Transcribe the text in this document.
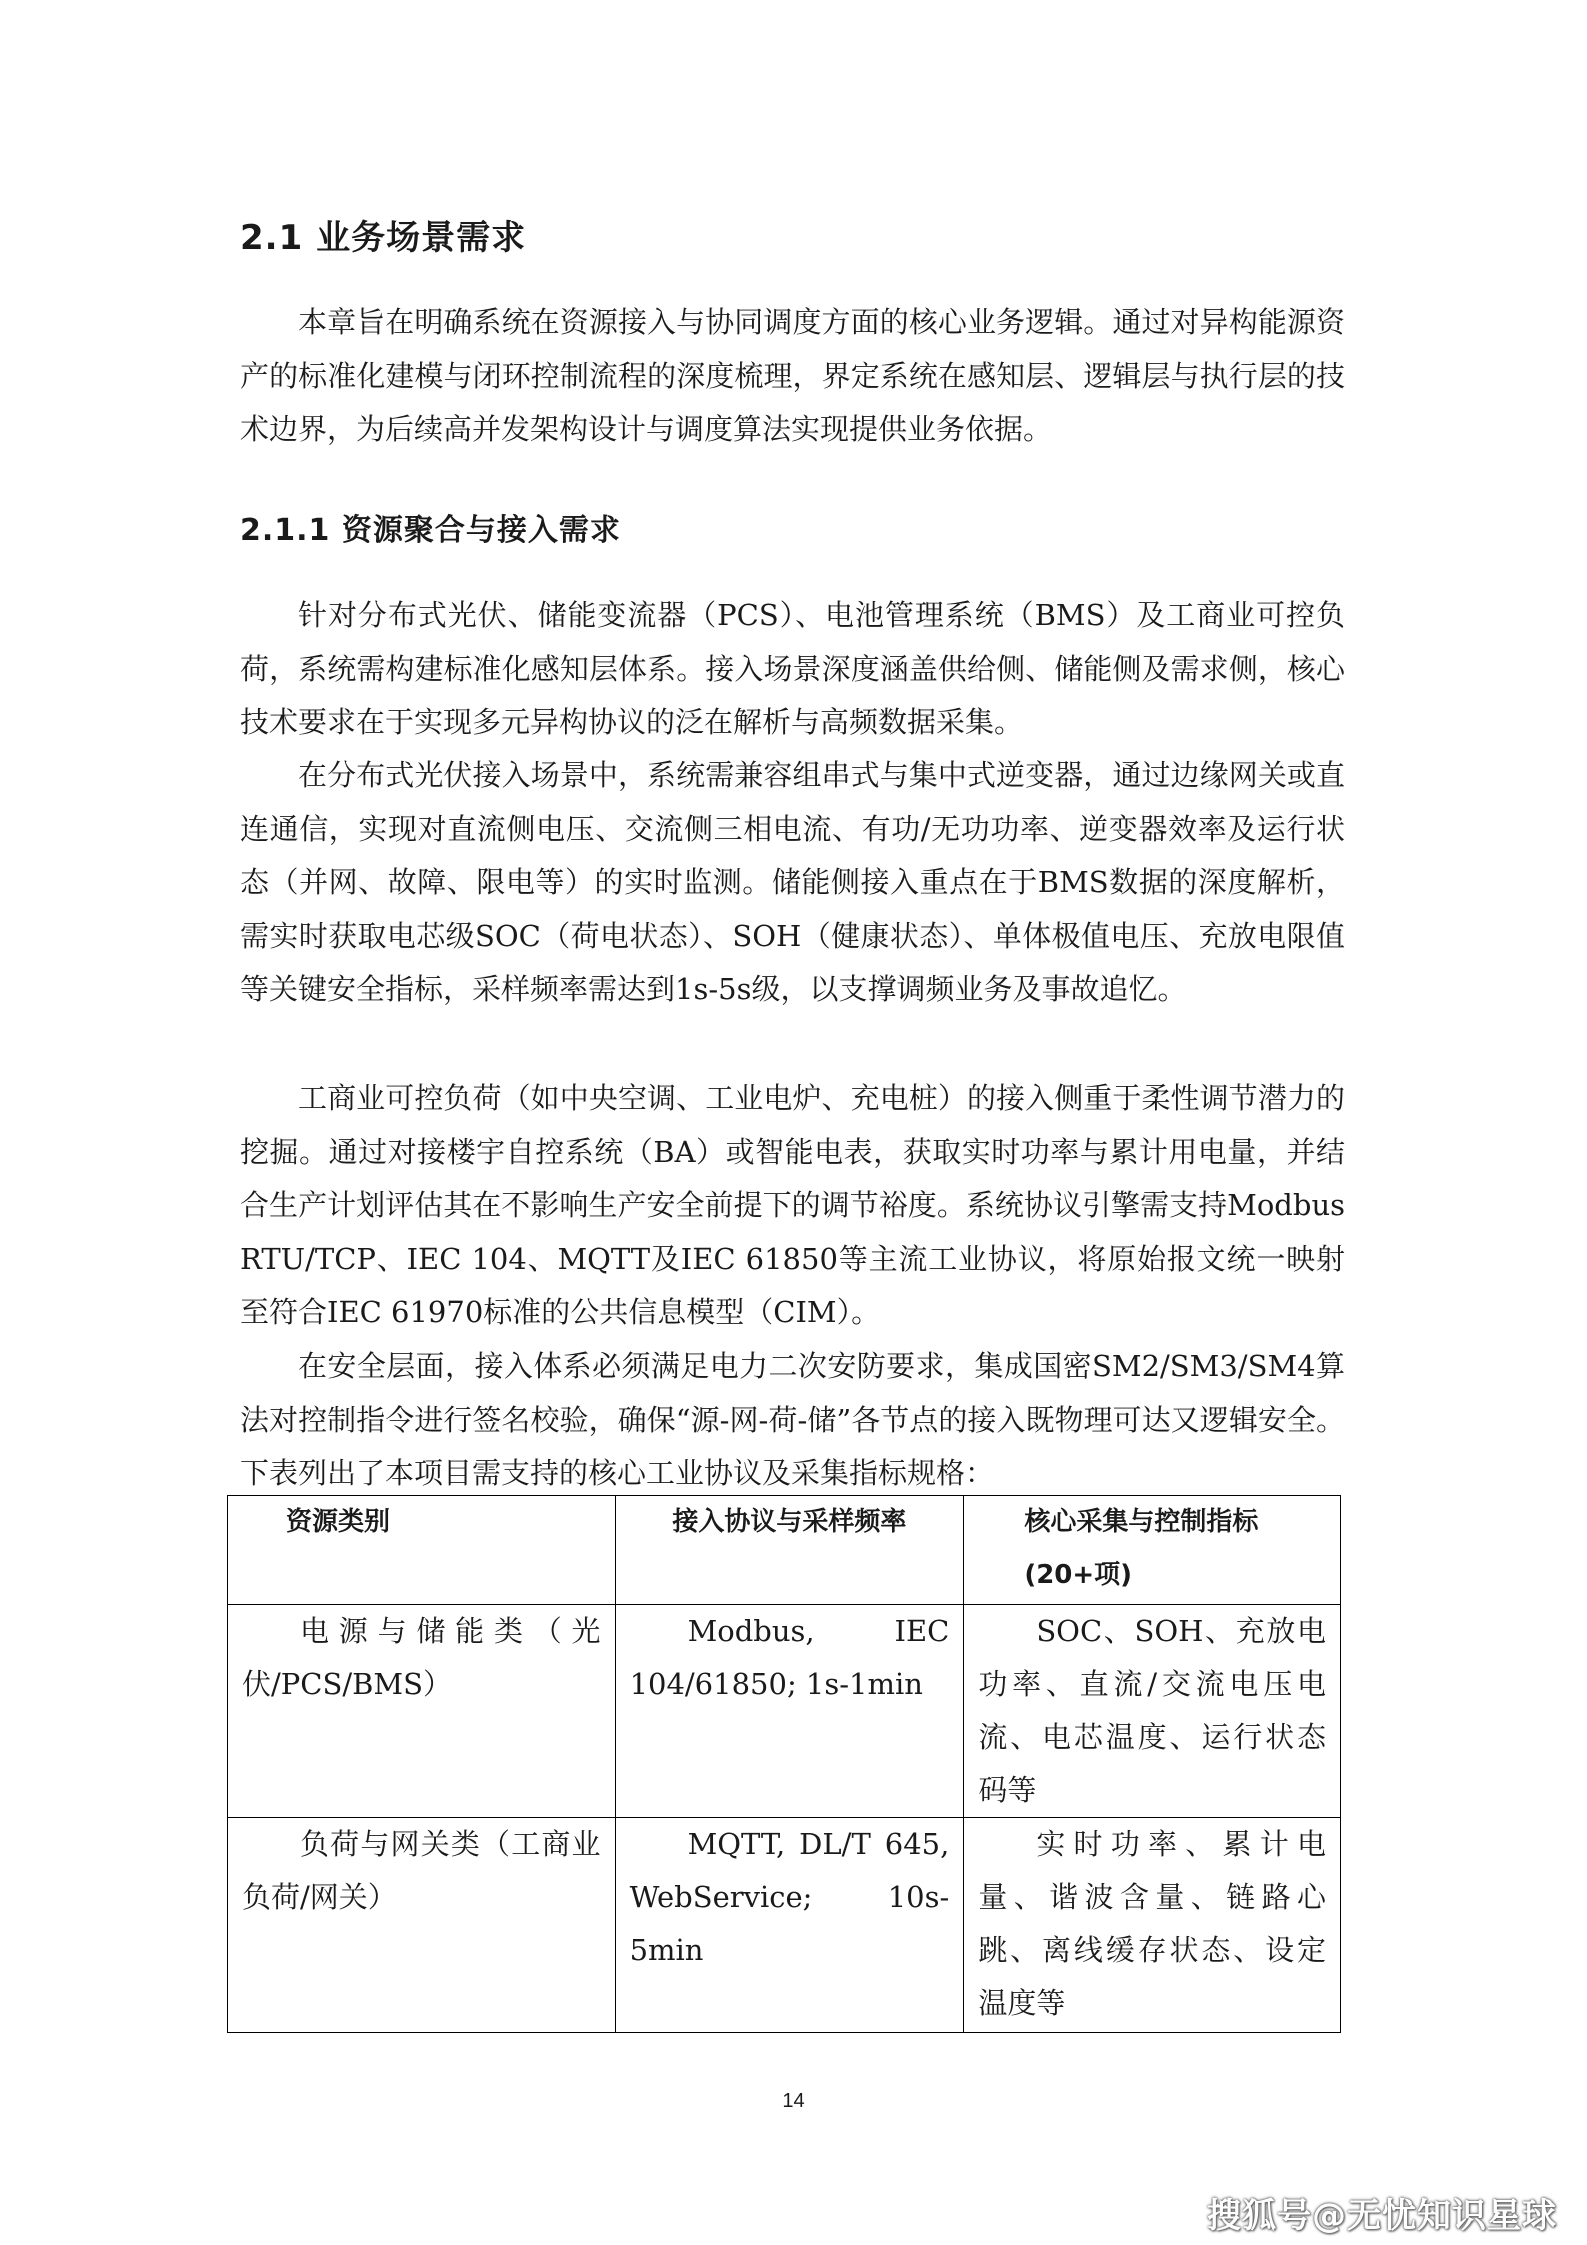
2.1 业务场景需求

本章旨在明确系统在资源接入与协同调度方面的核心业务逻辑。通过对异构能源资产的标准化建模与闭环控制流程的深度梳理，界定系统在感知层、逻辑层与执行层的技术边界，为后续高并发架构设计与调度算法实现提供业务依据。

2.1.1 资源聚合与接入需求

针对分布式光伏、储能变流器（PCS）、电池管理系统（BMS）及工商业可控负荷，系统需构建标准化感知层体系。接入场景深度涵盖供给侧、储能侧及需求侧，核心技术要求在于实现多元异构协议的泛在解析与高频数据采集。

在分布式光伏接入场景中，系统需兼容组串式与集中式逆变器，通过边缘网关或直连通信，实现对直流侧电压、交流侧三相电流、有功/无功功率、逆变器效率及运行状态（并网、故障、限电等）的实时监测。储能侧接入重点在于BMS数据的深度解析，需实时获取电芯级SOC（荷电状态）、SOH（健康状态）、单体极值电压、充放电限值等关键安全指标，采样频率需达到1s-5s级，以支撑调频业务及事故追忆。

工商业可控负荷（如中央空调、工业电炉、充电桩）的接入侧重于柔性调节潜力的挖掘。通过对接楼宇自控系统（BA）或智能电表，获取实时功率与累计用电量，并结合生产计划评估其在不影响生产安全前提下的调节裕度。系统协议引擎需支持Modbus RTU/TCP、IEC 104、MQTT及IEC 61850等主流工业协议，将原始报文统一映射至符合IEC 61970标准的公共信息模型（CIM）。

在安全层面，接入体系必须满足电力二次安防要求，集成国密SM2/SM3/SM4算法对控制指令进行签名校验，确保“源-网-荷-储”各节点的接入既物理可达又逻辑安全。下表列出了本项目需支持的核心工业协议及采集指标规格：

资源类别	接入协议与采样频率	核心采集与控制指标(20+项)
电源与储能类（光伏/PCS/BMS）	Modbus, IEC 104/61850; 1s-1min	SOC、SOH、充放电功率、直流/交流电压电流、电芯温度、运行状态码等
负荷与网关类（工商业负荷/网关）	MQTT, DL/T 645, WebService; 10s-5min	实时功率、累计电量、谐波含量、链路心跳、离线缓存状态、设定温度等
14
搜狐号@无忧知识星球
